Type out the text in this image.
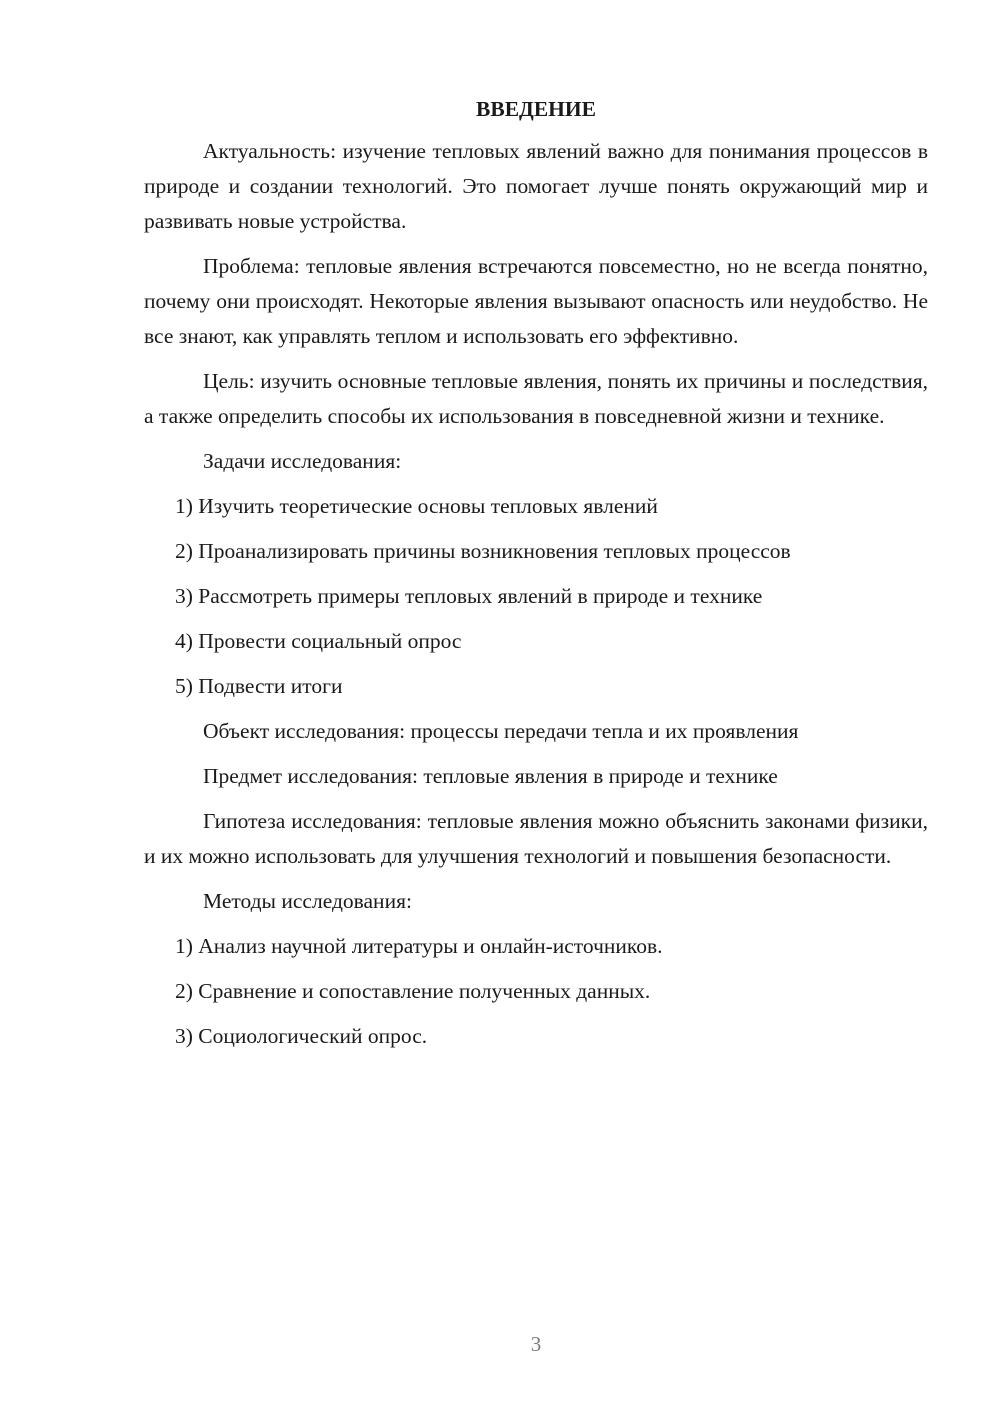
ВВЕДЕНИЕ

Актуальность: изучение тепловых явлений важно для понимания процессов в природе и создании технологий. Это помогает лучше понять окружающий мир и развивать новые устройства.

Проблема: тепловые явления встречаются повсеместно, но не всегда понятно, почему они происходят. Некоторые явления вызывают опасность или неудобство. Не все знают, как управлять теплом и использовать его эффективно.

Цель: изучить основные тепловые явления, понять их причины и последствия, а также определить способы их использования в повседневной жизни и технике.

Задачи исследования:
1) Изучить теоретические основы тепловых явлений
2) Проанализировать причины возникновения тепловых процессов
3) Рассмотреть примеры тепловых явлений в природе и технике
4) Провести социальный опрос
5) Подвести итоги
Объект исследования: процессы передачи тепла и их проявления
Предмет исследования: тепловые явления в природе и технике

Гипотеза исследования: тепловые явления можно объяснить законами физики, и их можно использовать для улучшения технологий и повышения безопасности.

Методы исследования:
1) Анализ научной литературы и онлайн-источников.
2) Сравнение и сопоставление полученных данных.
3) Социологический опрос.
3
